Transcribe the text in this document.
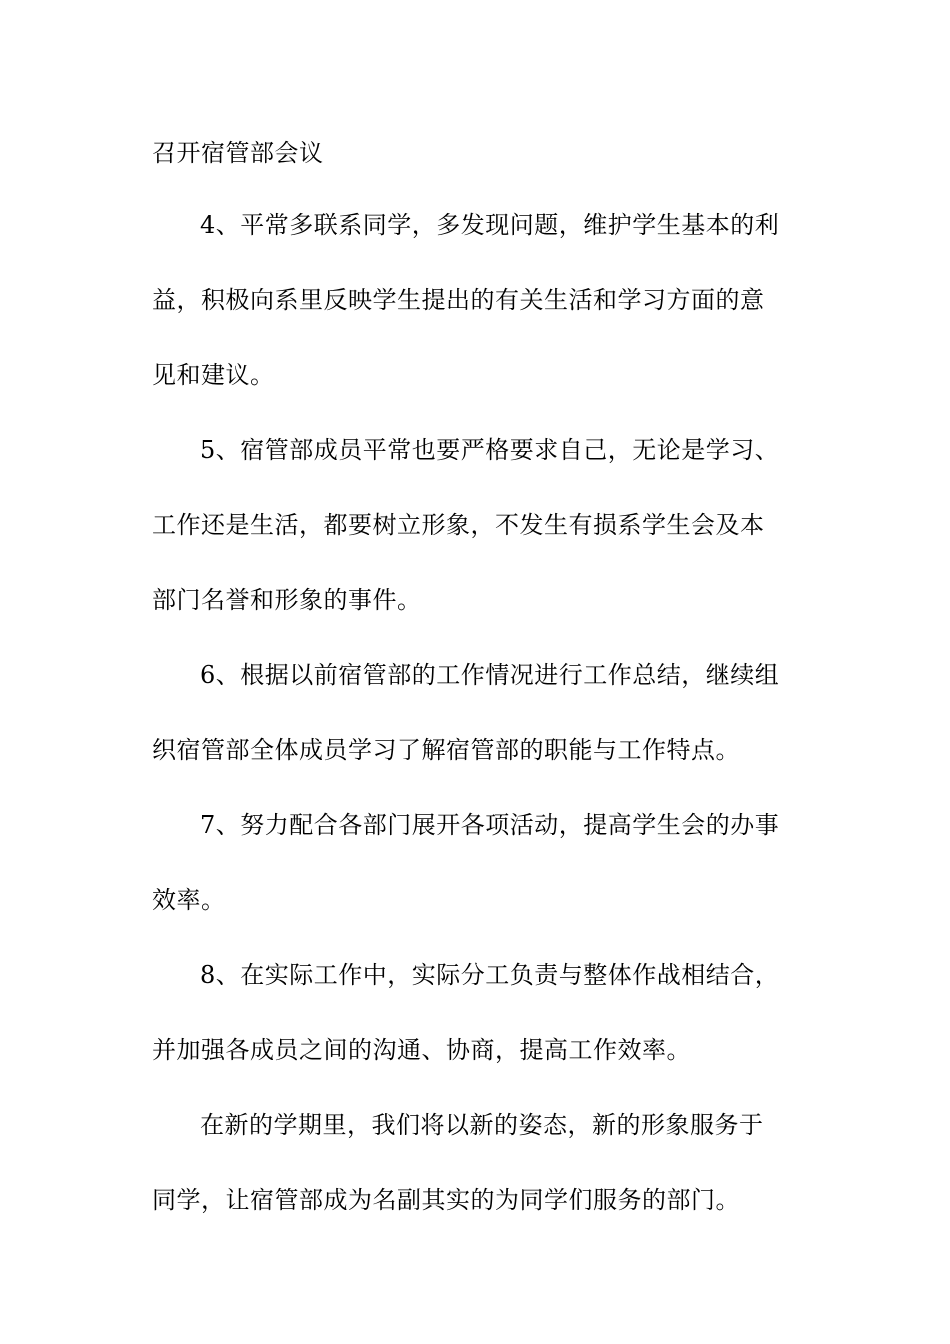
召开宿管部会议
4、平常多联系同学，多发现问题，维护学生基本的利
益，积极向系里反映学生提出的有关生活和学习方面的意
见和建议。
5、宿管部成员平常也要严格要求自己，无论是学习、
工作还是生活，都要树立形象，不发生有损系学生会及本
部门名誉和形象的事件。
6、根据以前宿管部的工作情况进行工作总结，继续组
织宿管部全体成员学习了解宿管部的职能与工作特点。
7、努力配合各部门展开各项活动，提高学生会的办事
效率。
8、在实际工作中，实际分工负责与整体作战相结合，
并加强各成员之间的沟通、协商，提高工作效率。
在新的学期里，我们将以新的姿态，新的形象服务于
同学，让宿管部成为名副其实的为同学们服务的部门。
